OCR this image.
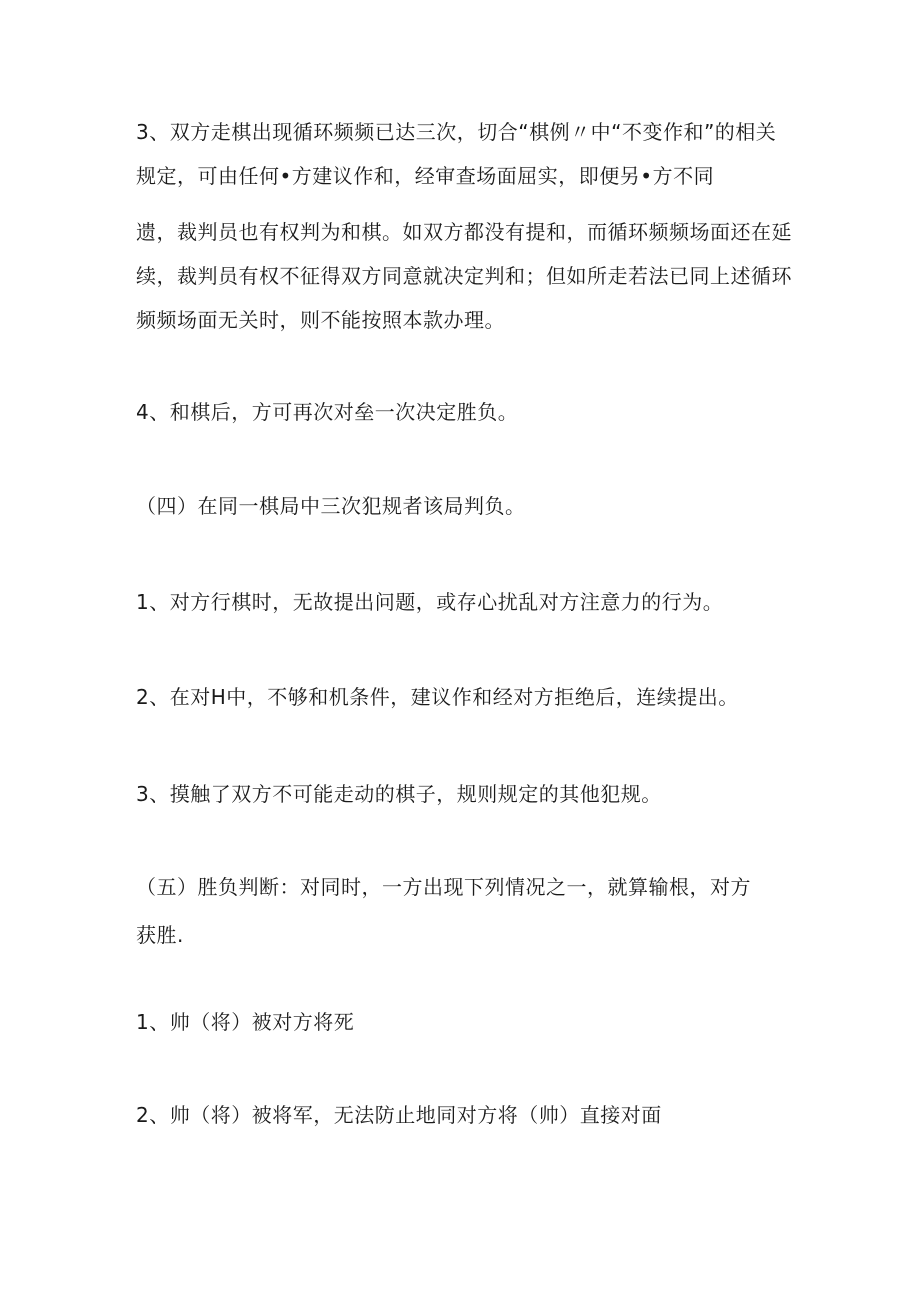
3、双方走棋出现循环频频已达三次，切合“棋例〃中“不变作和”的相关
规定，可由任何•方建议作和，经审查场面屈实，即便另•方不同
遗，裁判员也有权判为和棋。如双方都没有提和，而循环频频场面还在延
续，裁判员有权不征得双方同意就决定判和；但如所走若法已同上述循环
频频场面无关时，则不能按照本款办理。
4、和棋后，方可再次对垒一次决定胜负。
（四）在同一棋局中三次犯规者该局判负。
1、对方行棋时，无故提出问题，或存心扰乱对方注意力的行为。
2、在对H中，不够和机条件，建议作和经对方拒绝后，连续提出。
3、摸触了双方不可能走动的棋子，规则规定的其他犯规。
（五）胜负判断：对同时，一方出现下列情况之一，就算输根，对方
获胜.
1、帅（将）被对方将死
2、帅（将）被将军，无法防止地同对方将（帅）直接对面
